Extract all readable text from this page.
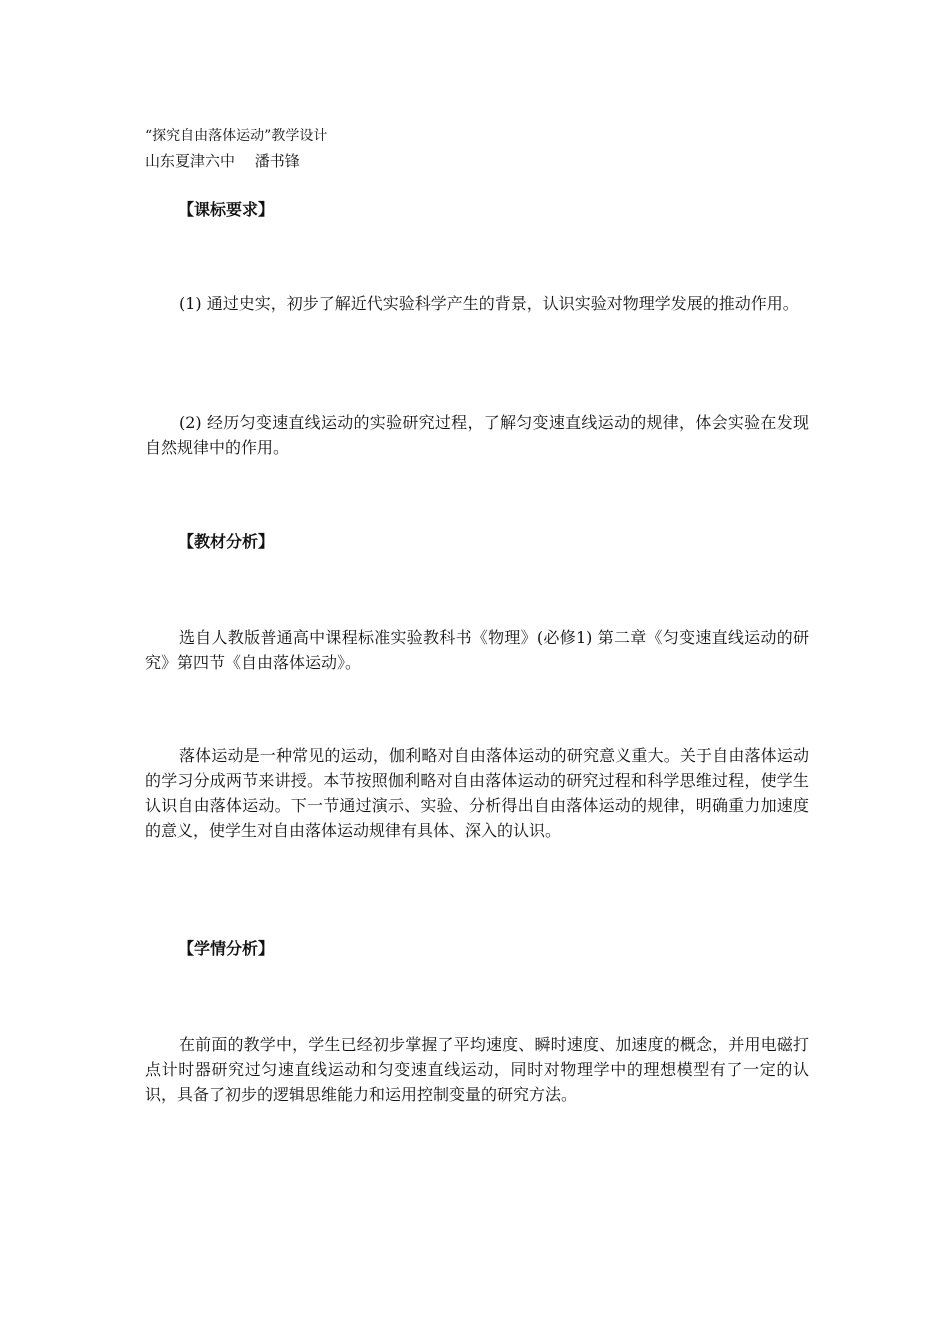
“探究自由落体运动”教学设计
山东夏津六中　 潘书锋
【课标要求】

(1) 通过史实，初步了解近代实验科学产生的背景，认识实验对物理学发展的推动作用。

(2) 经历匀变速直线运动的实验研究过程，了解匀变速直线运动的规律，体会实验在发现自然规律中的作用。

【教材分析】

选自人教版普通高中课程标准实验教科书《物理》(必修1) 第二章《匀变速直线运动的研究》第四节《自由落体运动》。

落体运动是一种常见的运动，伽利略对自由落体运动的研究意义重大。关于自由落体运动的学习分成两节来讲授。本节按照伽利略对自由落体运动的研究过程和科学思维过程，使学生认识自由落体运动。下一节通过演示、实验、分析得出自由落体运动的规律，明确重力加速度的意义，使学生对自由落体运动规律有具体、深入的认识。

【学情分析】

在前面的教学中，学生已经初步掌握了平均速度、瞬时速度、加速度的概念，并用电磁打点计时器研究过匀速直线运动和匀变速直线运动，同时对物理学中的理想模型有了一定的认识，具备了初步的逻辑思维能力和运用控制变量的研究方法。
